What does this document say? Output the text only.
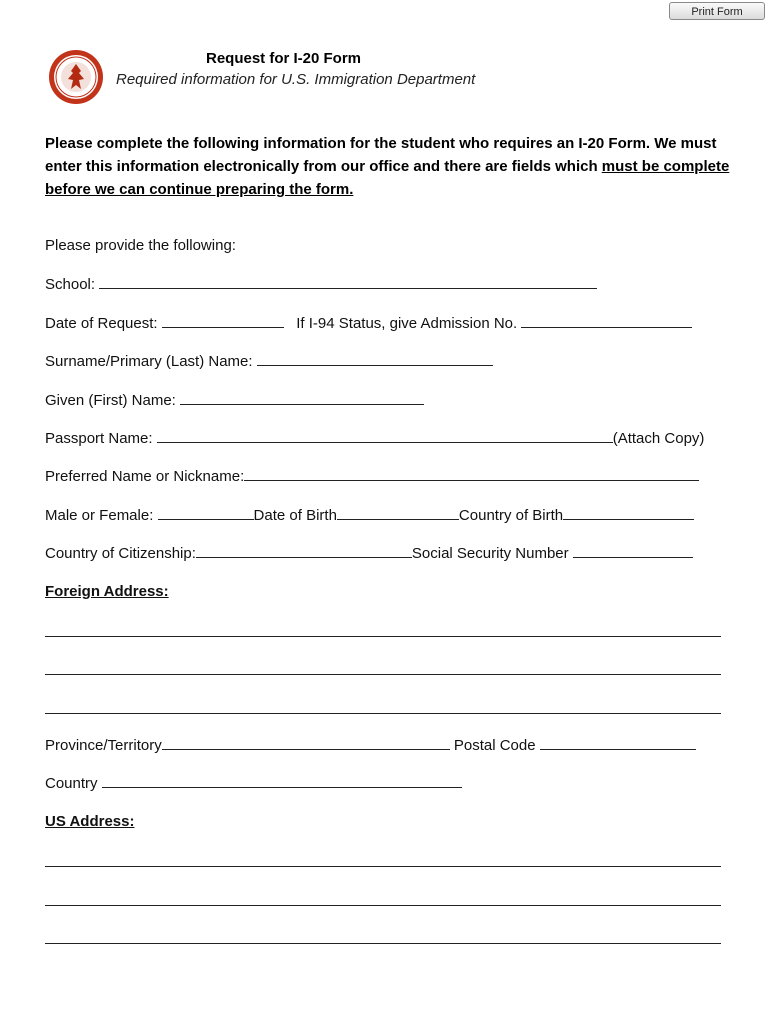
Print Form
Request for I-20 Form
Required information for U.S. Immigration Department
Please complete the following information for the student who requires an I-20 Form. We must enter this information electronically from our office and there are fields which must be complete before we can continue preparing the form.
Please provide the following:
School:
Date of Request:	If I-94 Status, give Admission No.
Surname/Primary (Last) Name:
Given (First) Name:
Passport Name:	(Attach Copy)
Preferred Name or Nickname:
Male or Female:	Date of Birth	Country of Birth
Country of Citizenship:	Social Security Number
Foreign Address:
Province/Territory	Postal Code
Country
US Address:
